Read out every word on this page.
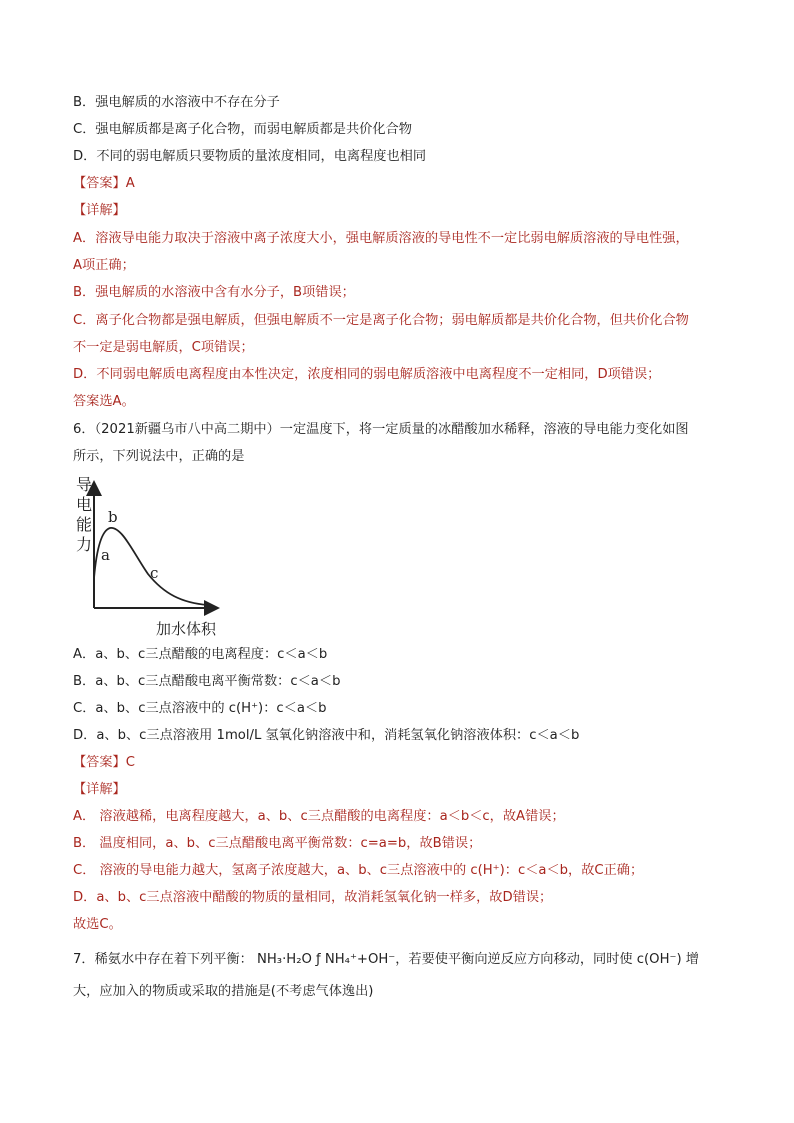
B．强电解质的水溶液中不存在分子
C．强电解质都是离子化合物，而弱电解质都是共价化合物
D．不同的弱电解质只要物质的量浓度相同，电离程度也相同
【答案】A
【详解】
A．溶液导电能力取决于溶液中离子浓度大小，强电解质溶液的导电性不一定比弱电解质溶液的导电性强，
A项正确；
B．强电解质的水溶液中含有水分子，B项错误；
C．离子化合物都是强电解质，但强电解质不一定是离子化合物；弱电解质都是共价化合物，但共价化合物
不一定是弱电解质，C项错误；
D．不同弱电解质电离程度由本性决定，浓度相同的弱电解质溶液中电离程度不一定相同，D项错误；
答案选A。
6．（2021新疆乌市八中高二期中）一定温度下，将一定质量的冰醋酸加水稀释，溶液的导电能力变化如图
所示，下列说法中，正确的是
导
电
能
力
b
a
c
加水体积
A．a、b、c三点醋酸的电离程度：c＜a＜b
B．a、b、c三点醋酸电离平衡常数：c＜a＜b
C．a、b、c三点溶液中的 c(H⁺)：c＜a＜b
D．a、b、c三点溶液用 1mol/L 氢氧化钠溶液中和，消耗氢氧化钠溶液体积：c＜a＜b
【答案】C
【详解】
A． 溶液越稀，电离程度越大，a、b、c三点醋酸的电离程度：a＜b＜c，故A错误；
B． 温度相同，a、b、c三点醋酸电离平衡常数：c=a=b，故B错误；
C． 溶液的导电能力越大，氢离子浓度越大，a、b、c三点溶液中的 c(H⁺)：c＜a＜b，故C正确；
D．a、b、c三点溶液中醋酸的物质的量相同，故消耗氢氧化钠一样多，故D错误；
故选C。
7．稀氨水中存在着下列平衡： NH₃·H₂O ƒ NH₄⁺+OH⁻，若要使平衡向逆反应方向移动，同时使 c(OH⁻) 增
大，应加入的物质或采取的措施是(不考虑气体逸出)
